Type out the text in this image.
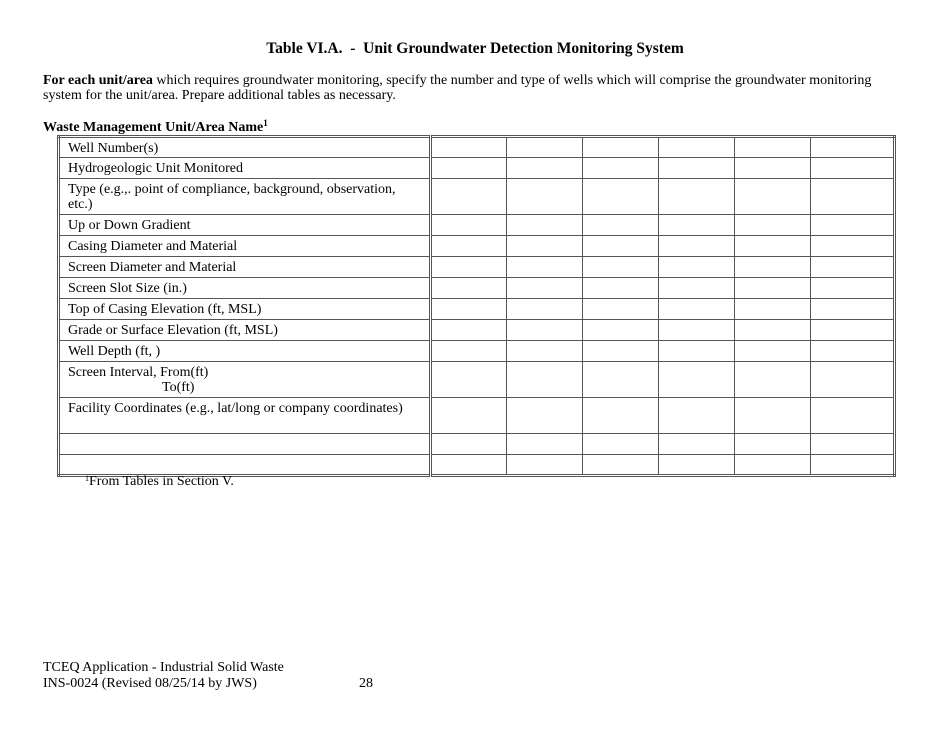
Table VI.A.  -  Unit Groundwater Detection Monitoring System
For each unit/area which requires groundwater monitoring, specify the number and type of wells which will comprise the groundwater monitoring system for the unit/area. Prepare additional tables as necessary.
Waste Management Unit/Area Name$^1$
Well Number(s)						
Hydrogeologic Unit Monitored						
Type (e.g.,. point of compliance, background, observation, etc.)						
Up or Down Gradient						
Casing Diameter and Material						
Screen Diameter and Material						
Screen Slot Size (in.)						
Top of Casing Elevation (ft, MSL)						
Grade or Surface Elevation (ft, MSL)						
Well Depth (ft, )						
Screen Interval, From(ft)
To(ft)						

Facility Coordinates (e.g., lat/long or company coordinates)						

$^1$From Tables in Section V.
TCEQ Application - Industrial Solid Waste
INS-0024 (Revised 08/25/14 by JWS)	28
